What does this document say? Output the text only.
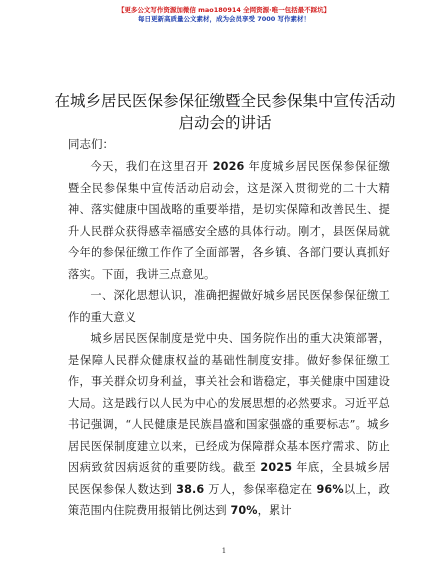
【更多公文写作资源加微信 mao180914 全网资源·唯一包括最不踩坑】
每日更新高质量公文素材，成为会员享受 7000 写作素材！
在城乡居民医保参保征缴暨全民参保集中宣传活动启动会的讲话
同志们：

今天，我们在这里召开 2026 年度城乡居民医保参保征缴暨全民参保集中宣传活动启动会，这是深入贯彻党的二十大精神、落实健康中国战略的重要举措，是切实保障和改善民生、提升人民群众获得感幸福感安全感的具体行动。刚才，县医保局就今年的参保征缴工作作了全面部署，各乡镇、各部门要认真抓好落实。下面，我讲三点意见。

一、深化思想认识，准确把握做好城乡居民医保参保征缴工作的重大意义

城乡居民医保制度是党中央、国务院作出的重大决策部署，是保障人民群众健康权益的基础性制度安排。做好参保征缴工作，事关群众切身利益，事关社会和谐稳定，事关健康中国建设大局。这是践行以人民为中心的发展思想的必然要求。习近平总书记强调，“人民健康是民族昌盛和国家强盛的重要标志”。城乡居民医保制度建立以来，已经成为保障群众基本医疗需求、防止因病致贫因病返贫的重要防线。截至 2025 年底，全县城乡居民医保参保人数达到 38.6 万人，参保率稳定在 96%以上，政策范围内住院费用报销比例达到 70%，累计

1
